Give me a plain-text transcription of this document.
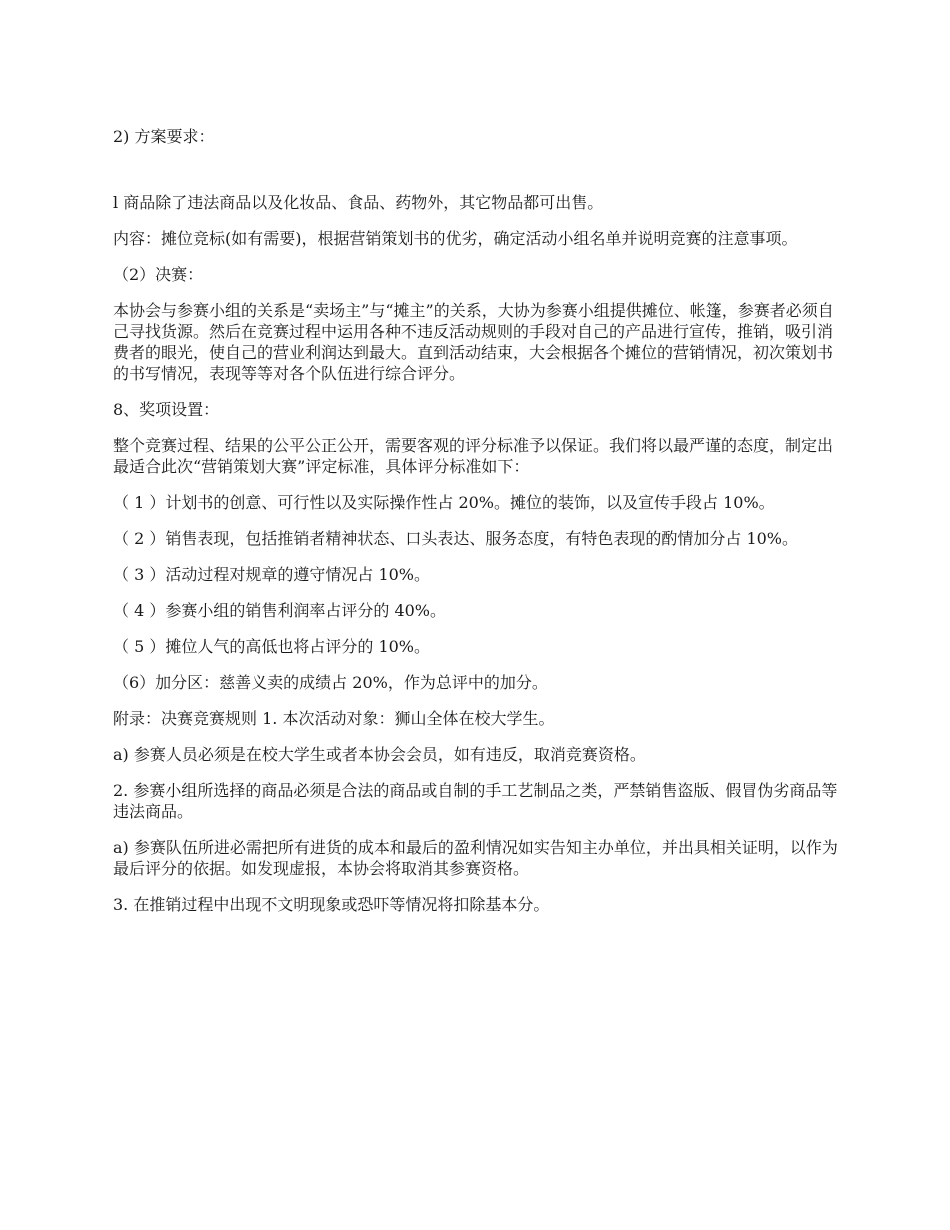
2) 方案要求：

l 商品除了违法商品以及化妆品、食品、药物外，其它物品都可出售。

内容：摊位竞标(如有需要)，根据营销策划书的优劣，确定活动小组名单并说明竞赛的注意事项。

（2）决赛：

本协会与参赛小组的关系是“卖场主”与“摊主”的关系，大协为参赛小组提供摊位、帐篷，参赛者必须自己寻找货源。然后在竞赛过程中运用各种不违反活动规则的手段对自己的产品进行宣传，推销，吸引消费者的眼光，使自己的营业利润达到最大。直到活动结束，大会根据各个摊位的营销情况，初次策划书的书写情况，表现等等对各个队伍进行综合评分。

8、奖项设置：

整个竞赛过程、结果的公平公正公开，需要客观的评分标准予以保证。我们将以最严谨的态度，制定出最适合此次“营销策划大赛”评定标准，具体评分标准如下：

（ 1 ）计划书的创意、可行性以及实际操作性占 20%。摊位的装饰，以及宣传手段占 10%。

（ 2 ）销售表现，包括推销者精神状态、口头表达、服务态度，有特色表现的酌情加分占 10%。

（ 3 ）活动过程对规章的遵守情况占 10%。

（ 4 ）参赛小组的销售利润率占评分的 40%。

（ 5 ）摊位人气的高低也将占评分的 10%。

（6）加分区：慈善义卖的成绩占 20%，作为总评中的加分。

附录：决赛竞赛规则 1. 本次活动对象：狮山全体在校大学生。

a) 参赛人员必须是在校大学生或者本协会会员，如有违反，取消竞赛资格。

2. 参赛小组所选择的商品必须是合法的商品或自制的手工艺制品之类，严禁销售盗版、假冒伪劣商品等违法商品。

a) 参赛队伍所进必需把所有进货的成本和最后的盈利情况如实告知主办单位，并出具相关证明，以作为最后评分的依据。如发现虚报，本协会将取消其参赛资格。

3. 在推销过程中出现不文明现象或恐吓等情况将扣除基本分。
